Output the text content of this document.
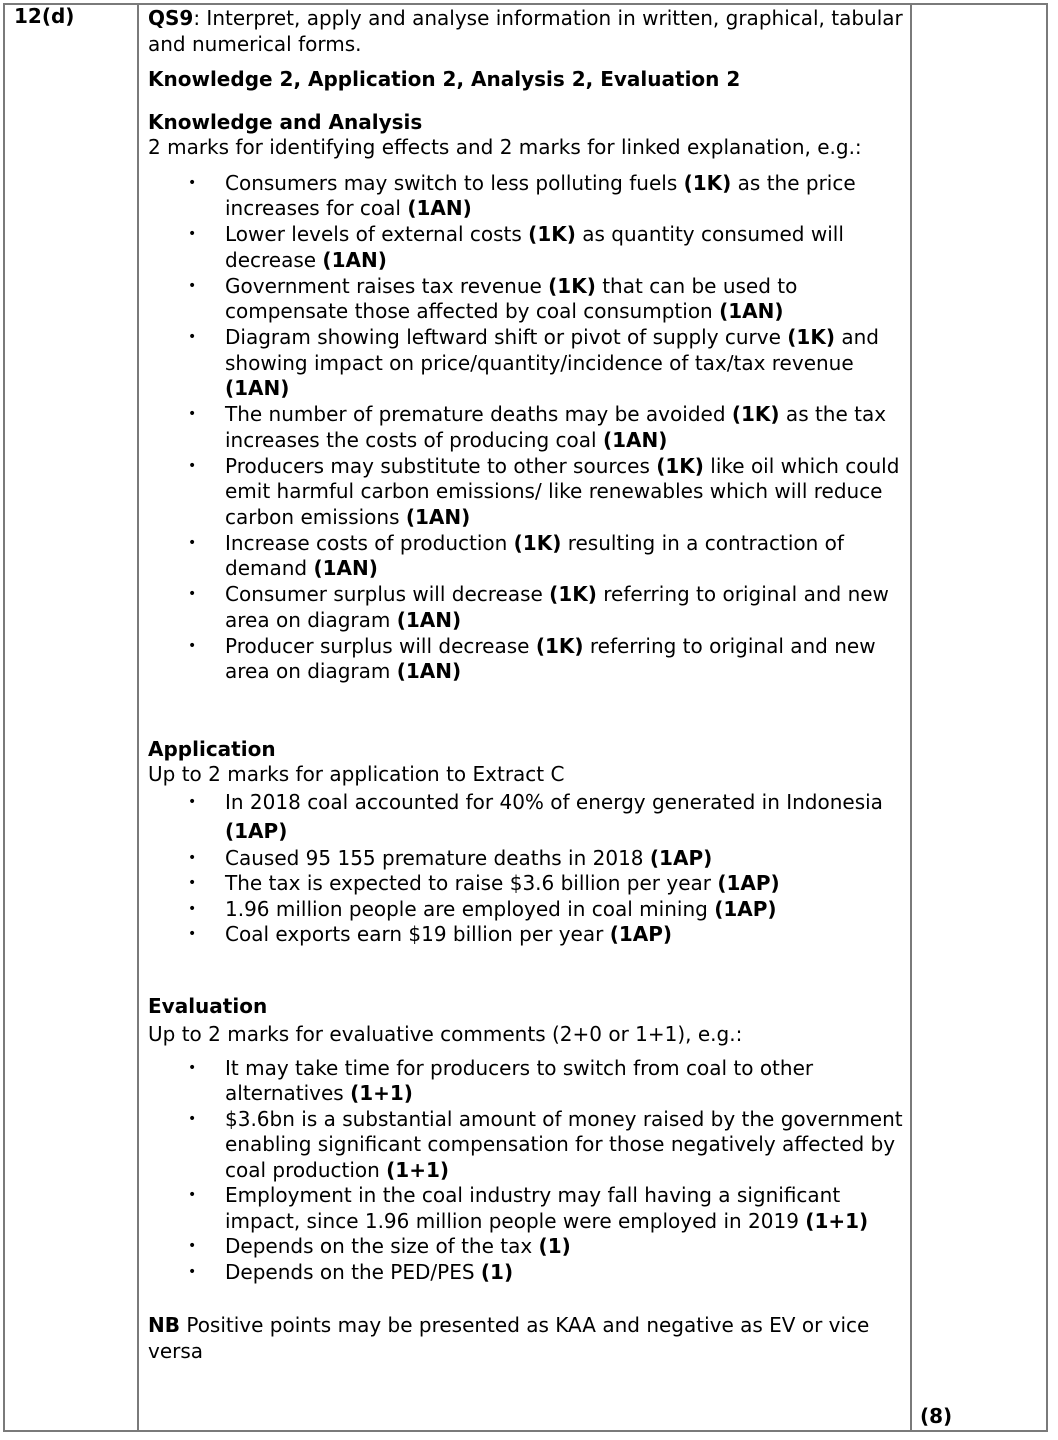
12(d)
(8)

QS9: Interpret, apply and analyse information in written, graphical, tabular and numerical forms.

Knowledge 2, Application 2, Analysis 2, Evaluation 2

Knowledge and Analysis

2 marks for identifying effects and 2 marks for linked explanation, e.g.:

• Consumers may switch to less polluting fuels (1K) as the price increases for coal (1AN)
• Lower levels of external costs (1K) as quantity consumed will decrease (1AN)
• Government raises tax revenue (1K) that can be used to compensate those affected by coal consumption (1AN)
• Diagram showing leftward shift or pivot of supply curve (1K) and showing impact on price/quantity/incidence of tax/tax revenue (1AN)
• The number of premature deaths may be avoided (1K) as the tax increases the costs of producing coal (1AN)
• Producers may substitute to other sources (1K) like oil which could emit harmful carbon emissions/ like renewables which will reduce carbon emissions (1AN)
• Increase costs of production (1K) resulting in a contraction of demand (1AN)
• Consumer surplus will decrease (1K) referring to original and new area on diagram (1AN)
• Producer surplus will decrease (1K) referring to original and new area on diagram (1AN)

Application

Up to 2 marks for application to Extract C

• In 2018 coal accounted for 40% of energy generated in Indonesia (1AP)
• Caused 95 155 premature deaths in 2018 (1AP)
• The tax is expected to raise $3.6 billion per year (1AP)
• 1.96 million people are employed in coal mining (1AP)
• Coal exports earn $19 billion per year (1AP)

Evaluation

Up to 2 marks for evaluative comments (2+0 or 1+1), e.g.:

• It may take time for producers to switch from coal to other alternatives (1+1)
• $3.6bn is a substantial amount of money raised by the government enabling significant compensation for those negatively affected by coal production (1+1)
• Employment in the coal industry may fall having a significant impact, since 1.96 million people were employed in 2019 (1+1)
• Depends on the size of the tax (1)
• Depends on the PED/PES (1)

NB Positive points may be presented as KAA and negative as EV or vice versa
